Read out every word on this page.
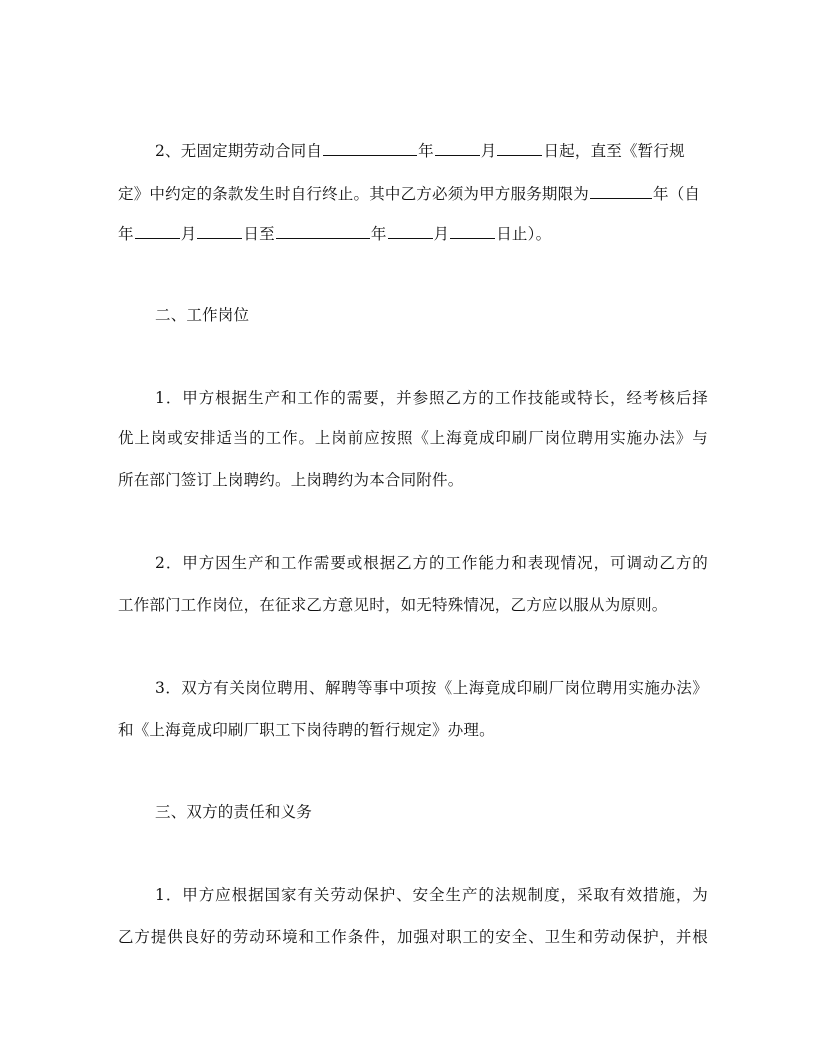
2、无固定期劳动合同自	年	月	日起，直至《暂行规
定》中约定的条款发生时自行终止。其中乙方必须为甲方服务期限为	年（自
年	月	日至	年	月	日止）。
二、工作岗位
1．甲方根据生产和工作的需要，并参照乙方的工作技能或特长，经考核后择
优上岗或安排适当的工作。上岗前应按照《上海竟成印刷厂岗位聘用实施办法》与
所在部门签订上岗聘约。上岗聘约为本合同附件。
2．甲方因生产和工作需要或根据乙方的工作能力和表现情况，可调动乙方的
工作部门工作岗位，在征求乙方意见时，如无特殊情况，乙方应以服从为原则。
3．双方有关岗位聘用、解聘等事中项按《上海竟成印刷厂岗位聘用实施办法》
和《上海竟成印刷厂职工下岗待聘的暂行规定》办理。
三、双方的责任和义务
1．甲方应根据国家有关劳动保护、安全生产的法规制度，采取有效措施，为
乙方提供良好的劳动环境和工作条件，加强对职工的安全、卫生和劳动保护，并根
